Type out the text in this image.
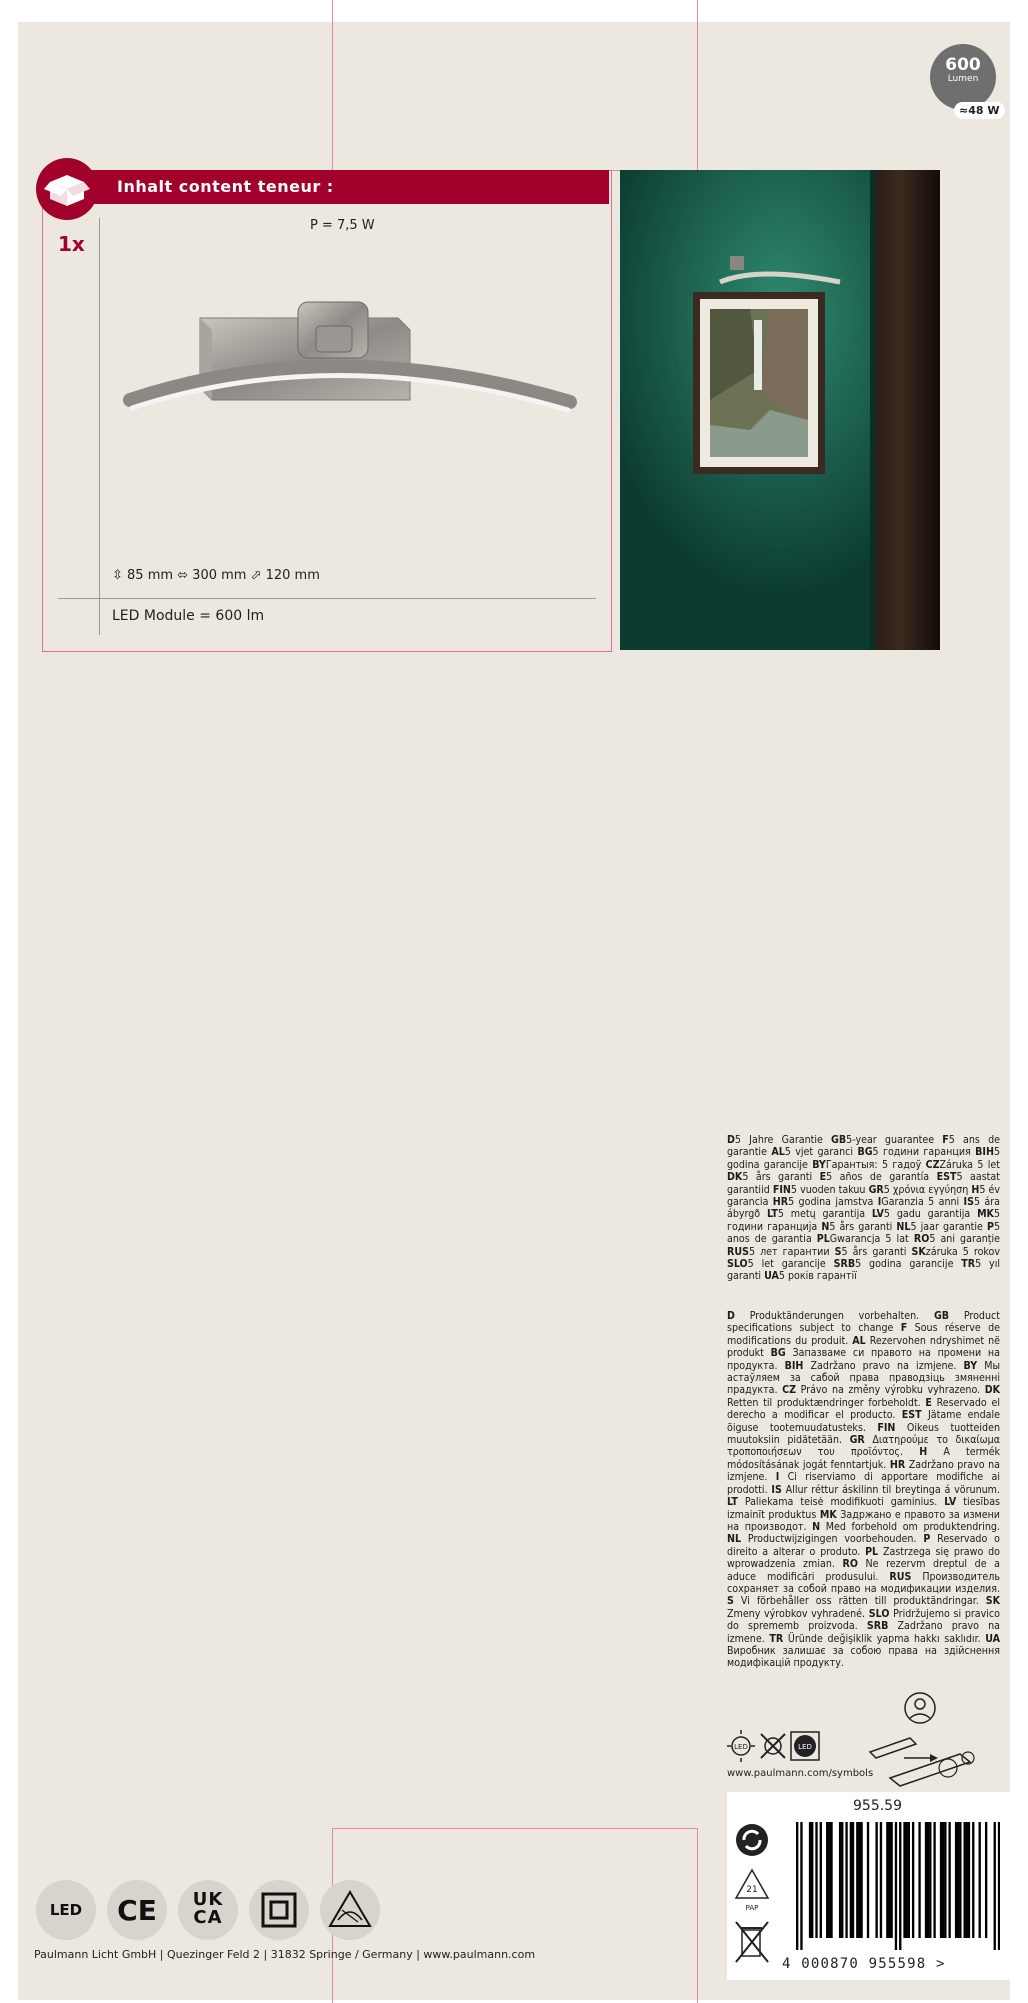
600
Lumen
≈48 W
Inhalt content teneur :
1x
P = 7,5 W
⇳ 85 mm ⬄ 300 mm ⬀ 120 mm
LED Module = 600 lm
D5 Jahre Garantie GB5-year guarantee F5 ans de garantie AL5 vjet garanci BG5 години гаранция BIH5 godina garancije BYГарантыя: 5 гадоў CZZáruka 5 let DK5 års garanti E5 años de garantía EST5 aastat garantiid FIN5 vuoden takuu GR5 χρόνια εγγύηση H5 év garancia HR5 godina jamstva IGaranzia 5 anni IS5 ára ábyrgð LT5 metų garantija LV5 gadu garantija MK5 години гаранција N5 års garanti NL5 jaar garantie P5 anos de garantia PLGwarancja 5 lat RO5 ani garanție RUS5 лет гарантии S5 års garanti SKzáruka 5 rokov SLO5 let garancije SRB5 godina garancije TR5 yıl garanti UA5 років гарантії
D Produktänderungen vorbehalten. GB Product specifications subject to change F Sous réserve de modifications du produit. AL Rezervohen ndryshimet në produkt BG Запазваме си правото на промени на продукта. BIH Zadržano pravo na izmjene. BY Мы астаўляем за сабой права праводзіць змяненні прадукта. CZ Právo na změny výrobku vyhrazeno. DK Retten til produktændringer forbeholdt. E Reservado el derecho a modificar el producto. EST Jätame endale õiguse tootemuudatusteks. FIN Oikeus tuotteiden muutoksiin pidätetään. GR Διατηρούμε το δικαίωμα τροποποιήσεων του προϊόντος. H A termék módosításának jogát fenntartjuk. HR Zadržano pravo na izmjene. I Ci riserviamo di apportare modifiche ai prodotti. IS Allur réttur áskilinn til breytinga á vörunum. LT Paliekama teisė modifikuoti gaminius. LV tiesības izmainīt produktus MK Задржано е правото за измени на производот. N Med forbehold om produktendring. NL Productwijzigingen voorbehouden. P Reservado o direito a alterar o produto. PL Zastrzega się prawo do wprowadzenia zmian. RO Ne rezervm dreptul de a aduce modificări produsului. RUS Производитель сохраняет за собой право на модификации изделия. S Vi förbehåller oss rätten till produktändringar. SK Zmeny výrobkov vyhradené. SLO Pridržujemo si pravico do sprememb proizvoda. SRB Zadržano pravo na izmene. TR Üründe değişiklik yapma hakkı saklıdır. UA Виробник залишає за собою права на здійснення модифікацій продукту.
LED	LED
www.paulmann.com/symbols
955.59
21
PAP
4 000870 955598 >
LED	CE	UK
CA
Paulmann Licht GmbH | Quezinger Feld 2 | 31832 Springe / Germany | www.paulmann.com
